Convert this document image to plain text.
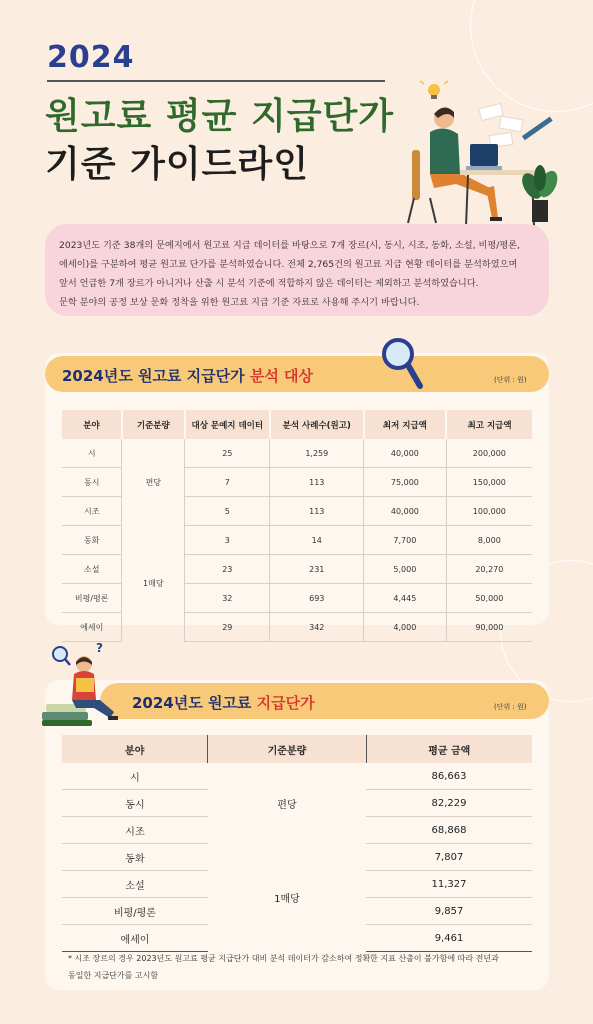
2024
원고료 평균 지급단가
기준 가이드라인

2023년도 기준 38개의 문예지에서 원고료 지급 데이터를 바탕으로 7개 장르(시, 동시, 시조, 동화, 소설, 비평/평론,

에세이)를 구분하여 평균 원고료 단가를 분석하였습니다. 전체 2,765건의 원고료 지급 현황 데이터를 분석하였으며

앞서 언급한 7개 장르가 아니거나 산출 시 분석 기준에 적합하지 않은 데이터는 제외하고 분석하였습니다.

문학 분야의 공정 보상 문화 정착을 위한 원고료 지급 기준 자료로 사용해 주시기 바랍니다.

2024년도 원고료 지급단가 분석 대상	(단위 : 원)
분야	기준분량	대상 문예지 데이터	분석 사례수(원고)	최저 지급액	최고 지급액
시	편당	25	1,259	40,000	200,000
동시		7	113	75,000	150,000
시조		5	113	40,000	100,000
동화	1매당	3	14	7,700	8,000
소설		23	231	5,000	20,270
비평/평론		32	693	4,445	50,000
에세이		29	342	4,000	90,000
2024년도 원고료 지급단가	(단위 : 원)
?
분야	기준분량	평균 금액
시	편당	86,663
동시		82,229
시조		68,868
동화	1매당	7,807
소설		11,327
비평/평론		9,857
에세이		9,461

* 시조 장르의 경우 2023년도 원고료 평균 지급단가 대비 분석 데이터가 감소하여 정확한 지표 산출이 불가함에 따라 전년과

동일한 지급단가를 고시함
